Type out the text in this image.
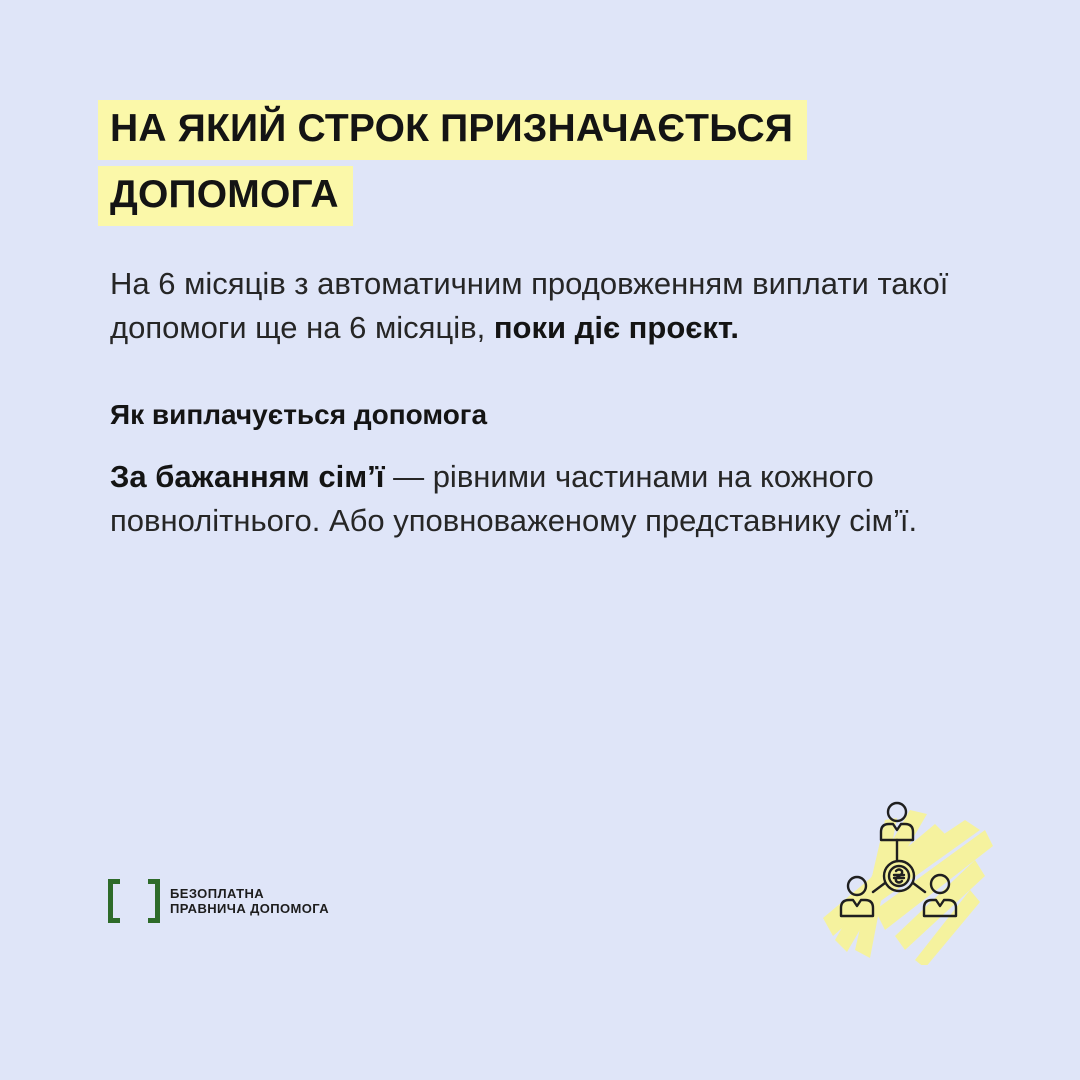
НА ЯКИЙ СТРОК ПРИЗНАЧАЄТЬСЯ
ДОПОМОГА

На 6 місяців з автоматичним продовженням виплати такої допомоги ще на 6 місяців, поки діє проєкт.

Як виплачується допомога

За бажанням сім’ї — рівними частинами на кожного повнолітнього. Або уповноваженому представнику сім’ї.

БЕЗОПЛАТНА
ПРАВНИЧА ДОПОМОГА
